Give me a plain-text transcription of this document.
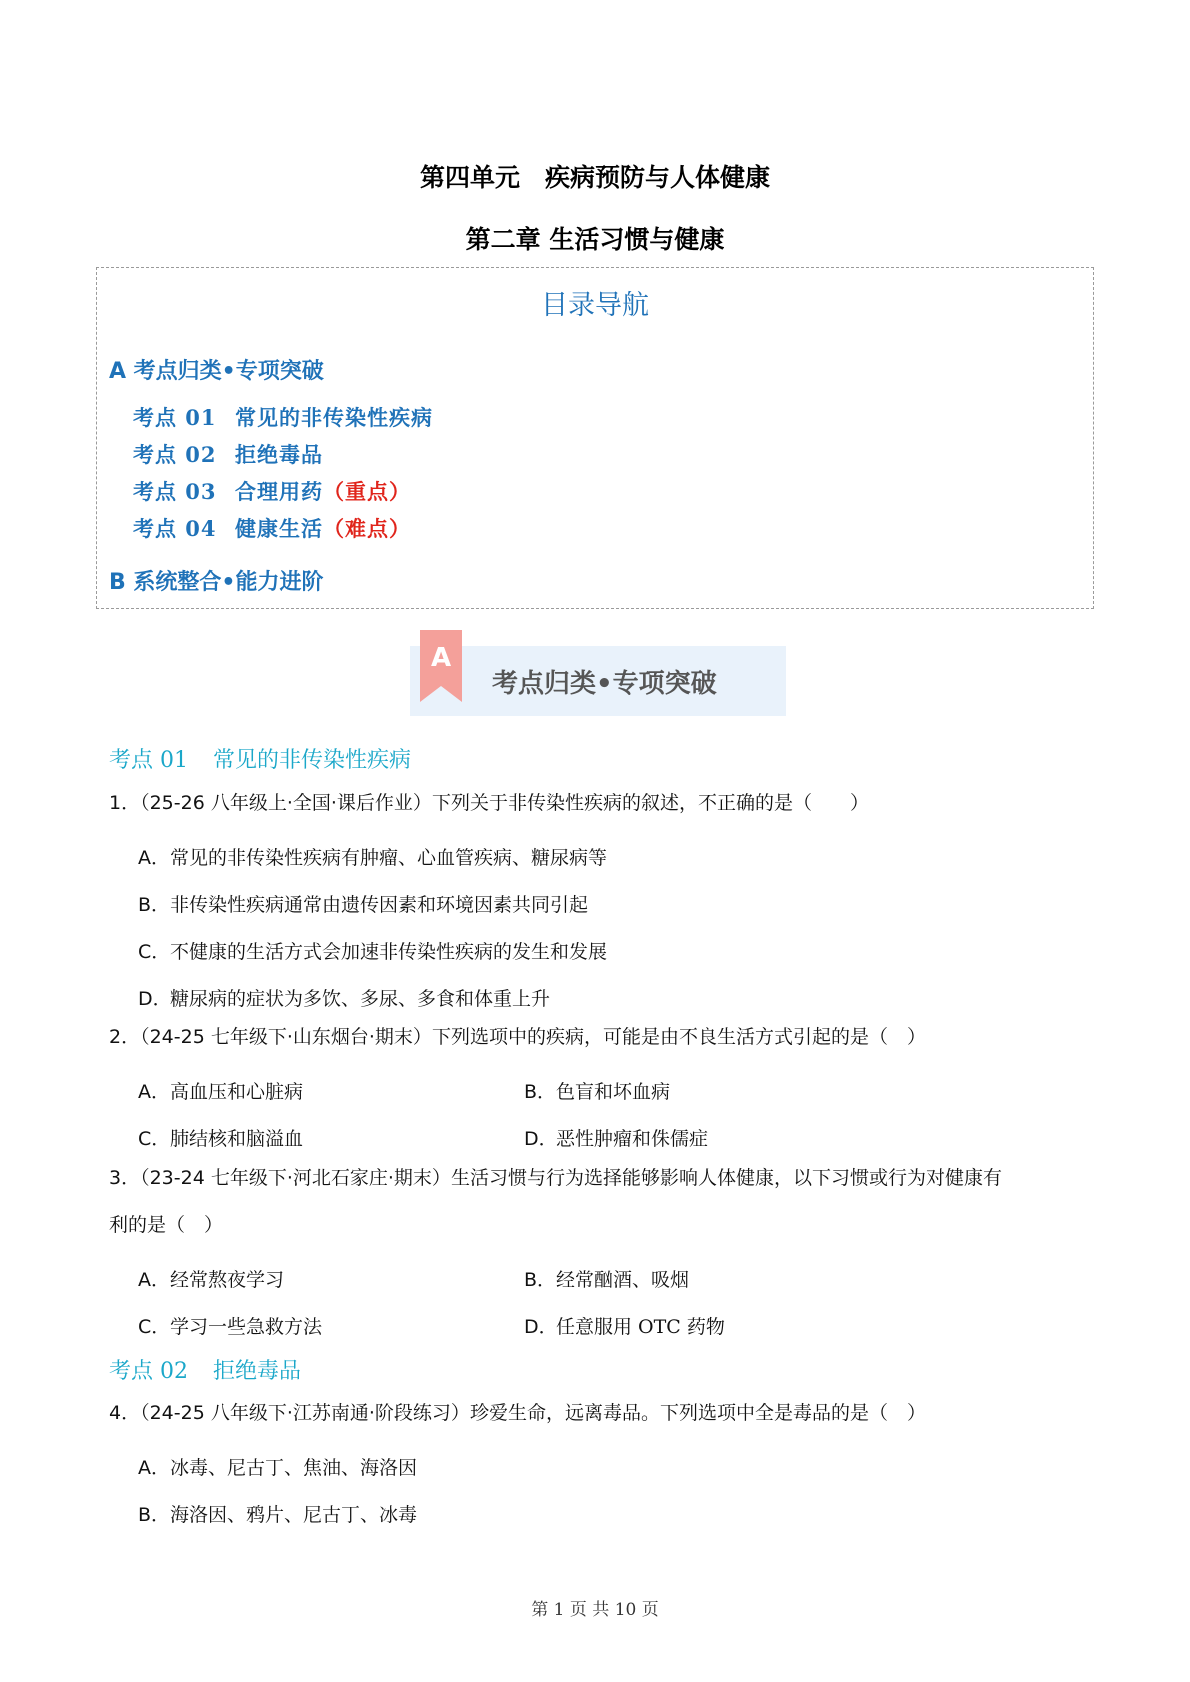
第四单元　疾病预防与人体健康
第二章 生活习惯与健康
目录导航
A 考点归类•专项突破
考点 01 常见的非传染性疾病
考点 02 拒绝毒品
考点 03 合理用药（重点）
考点 04 健康生活（难点）
B 系统整合•能力进阶
A
考点归类•专项突破
考点 01 常见的非传染性疾病
1．（25-26 八年级上·全国·课后作业）下列关于非传染性疾病的叙述，不正确的是（　　）
A．常见的非传染性疾病有肿瘤、心血管疾病、糖尿病等
B．非传染性疾病通常由遗传因素和环境因素共同引起
C．不健康的生活方式会加速非传染性疾病的发生和发展
D．糖尿病的症状为多饮、多尿、多食和体重上升
2．（24-25 七年级下·山东烟台·期末）下列选项中的疾病，可能是由不良生活方式引起的是（　）
A．高血压和心脏病	B．色盲和坏血病
C．肺结核和脑溢血	D．恶性肿瘤和侏儒症
3．（23-24 七年级下·河北石家庄·期末）生活习惯与行为选择能够影响人体健康，以下习惯或行为对健康有
利的是（　）
A．经常熬夜学习	B．经常酗酒、吸烟
C．学习一些急救方法	D．任意服用 OTC 药物
考点 02 拒绝毒品
4．（24-25 八年级下·江苏南通·阶段练习）珍爱生命，远离毒品。下列选项中全是毒品的是（　）
A．冰毒、尼古丁、焦油、海洛因
B．海洛因、鸦片、尼古丁、冰毒
第 1 页 共 10 页
